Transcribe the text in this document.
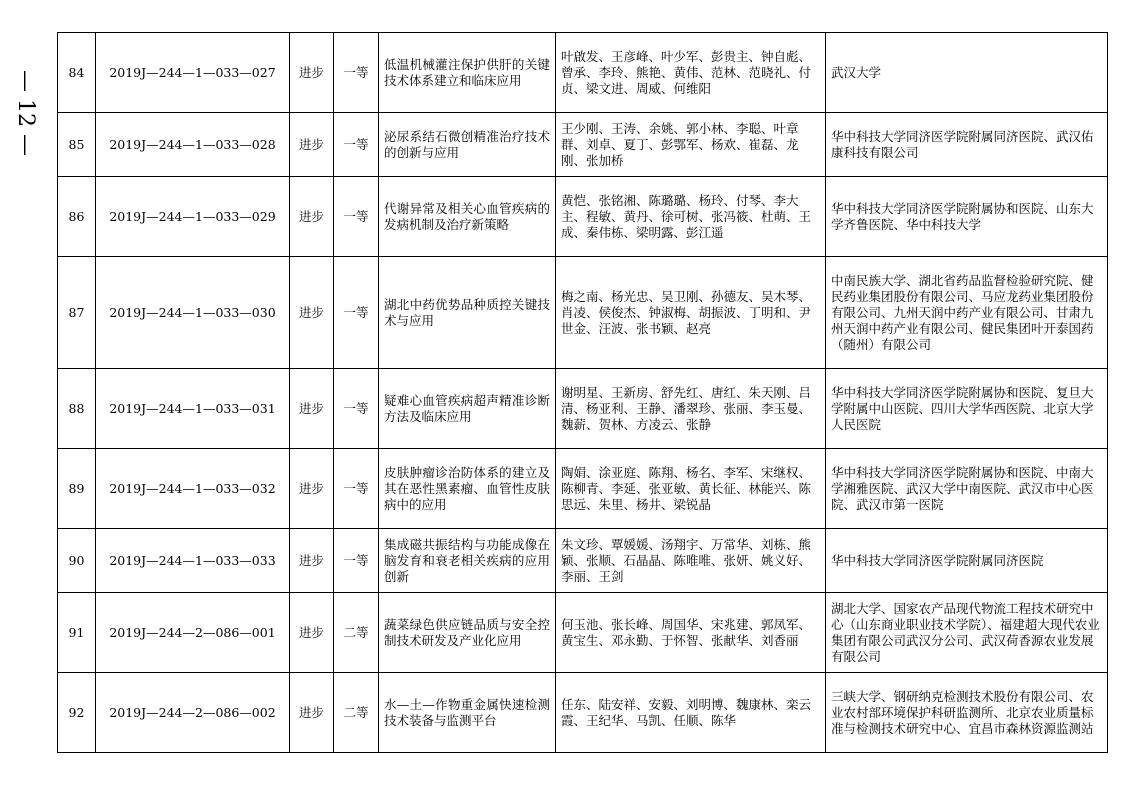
— 12 — 84	2019J—244—1—033—027	进步	一等	低温机械灌注保护供肝的关键技术体系建立和临床应用	叶啟发、王彦峰、叶少军、彭贵主、钟自彪、曾承、李玲、熊艳、黄伟、范林、范晓礼、付贞、梁文进、周威、何维阳	武汉大学
85	2019J—244—1—033—028	进步	一等	泌尿系结石微创精准治疗技术的创新与应用	王少刚、王涛、余姚、郭小林、李聪、叶章群、刘卓、夏丁、彭鄂军、杨欢、崔磊、龙刚、张加桥	华中科技大学同济医学院附属同济医院、武汉佑康科技有限公司
86	2019J—244—1—033—029	进步	一等	代谢异常及相关心血管疾病的发病机制及治疗新策略	黄恺、张铭湘、陈璐璐、杨玲、付琴、李大主、程敏、黄丹、徐可树、张冯筱、杜萌、王成、秦伟栋、梁明露、彭江遥	华中科技大学同济医学院附属协和医院、山东大学齐鲁医院、华中科技大学
87	2019J—244—1—033—030	进步	一等	湖北中药优势品种质控关键技术与应用	梅之南、杨光忠、吴卫刚、孙德友、吴木琴、肖凌、侯俊杰、钟淑梅、胡振波、丁明和、尹世金、汪波、张书颖、赵亮	中南民族大学、湖北省药品监督检验研究院、健民药业集团股份有限公司、马应龙药业集团股份有限公司、九州天润中药产业有限公司、甘肃九州天润中药产业有限公司、健民集团叶开泰国药（随州）有限公司
88	2019J—244—1—033—031	进步	一等	疑难心血管疾病超声精准诊断方法及临床应用	谢明星、王新房、舒先红、唐红、朱天刚、吕清、杨亚利、王静、潘翠珍、张丽、李玉曼、魏薪、贺林、方凌云、张静	华中科技大学同济医学院附属协和医院、复旦大学附属中山医院、四川大学华西医院、北京大学人民医院
89	2019J—244—1—033—032	进步	一等	皮肤肿瘤诊治防体系的建立及其在恶性黑素瘤、血管性皮肤病中的应用	陶娟、涂亚庭、陈翔、杨名、李军、宋继权、陈柳青、李延、张亚敏、黄长征、林能兴、陈思远、朱里、杨井、梁锐晶	华中科技大学同济医学院附属协和医院、中南大学湘雅医院、武汉大学中南医院、武汉市中心医院、武汉市第一医院
90	2019J—244—1—033—033	进步	一等	集成磁共振结构与功能成像在脑发育和衰老相关疾病的应用创新	朱文珍、覃媛媛、汤翔宇、万常华、刘栋、熊颖、张顺、石晶晶、陈唯唯、张妍、姚义好、李丽、王剑	华中科技大学同济医学院附属同济医院
91	2019J—244—2—086—001	进步	二等	蔬菜绿色供应链品质与安全控制技术研发及产业化应用	何玉池、张长峰、周国华、宋兆建、郭凤军、黄宝生、邓永勤、于怀智、张献华、刘香丽	湖北大学、国家农产品现代物流工程技术研究中心（山东商业职业技术学院）、福建超大现代农业集团有限公司武汉分公司、武汉荷香源农业发展有限公司
92	2019J—244—2—086—002	进步	二等	水—土—作物重金属快速检测技术装备与监测平台	任东、陆安祥、安毅、刘明博、魏康林、栾云霞、王纪华、马凯、任顺、陈华	三峡大学、钢研纳克检测技术股份有限公司、农业农村部环境保护科研监测所、北京农业质量标准与检测技术研究中心、宜昌市森林资源监测站
